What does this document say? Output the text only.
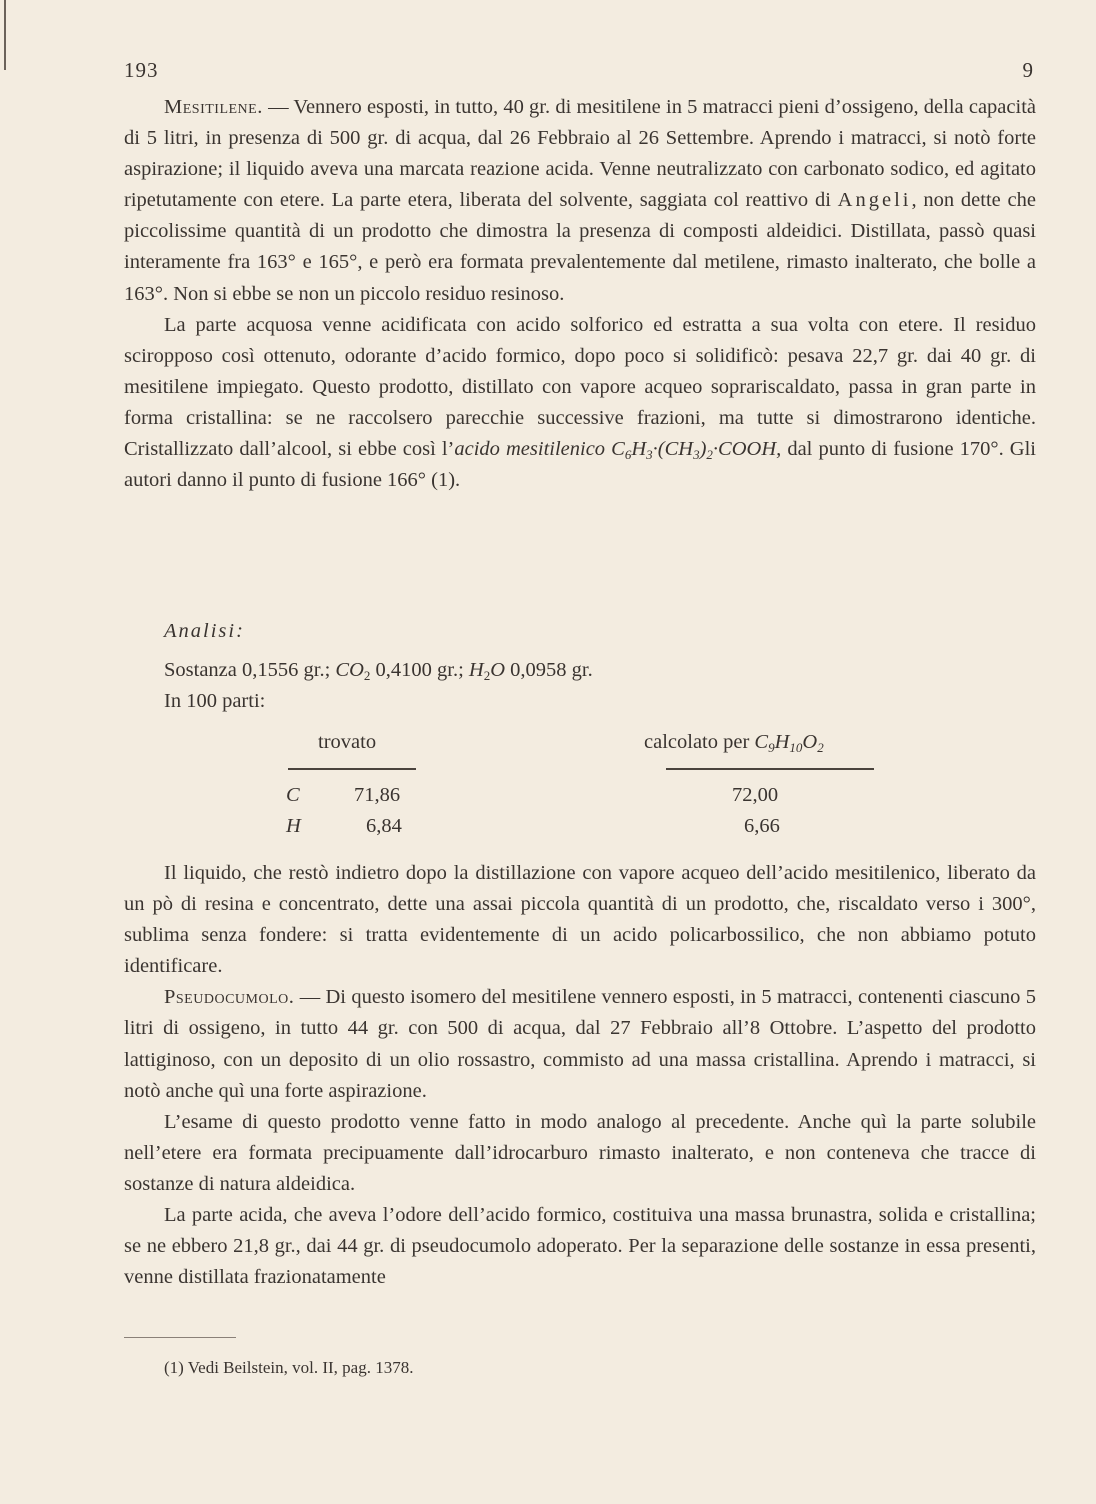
193	9

Mesitilene. — Vennero esposti, in tutto, 40 gr. di mesitilene in 5 matracci pieni d’ossigeno, della capacità di 5 litri, in presenza di 500 gr. di acqua, dal 26 Febbraio al 26 Settembre. Aprendo i matracci, si notò forte aspirazione; il liquido aveva una marcata reazione acida. Venne neutralizzato con carbonato sodico, ed agitato ripetutamente con etere. La parte etera, liberata del solvente, saggiata col reattivo di Angeli, non dette che piccolissime quantità di un prodotto che dimostra la presenza di composti aldeidici. Distillata, passò quasi interamente fra 163° e 165°, e però era formata prevalentemente dal metilene, rimasto inalterato, che bolle a 163°. Non si ebbe se non un piccolo residuo resinoso.

La parte acquosa venne acidificata con acido solforico ed estratta a sua volta con etere. Il residuo sciropposo così ottenuto, odorante d’acido formico, dopo poco si solidificò: pesava 22,7 gr. dai 40 gr. di mesitilene impiegato. Questo prodotto, distillato con vapore acqueo soprariscaldato, passa in gran parte in forma cristallina: se ne raccolsero parecchie successive frazioni, ma tutte si dimostrarono identiche. Cristallizzato dall’alcool, si ebbe così l’acido mesitilenico $C_6H_3\cdot(CH_3)_2\cdot COOH$, dal punto di fusione 170°. Gli autori danno il punto di fusione 166° (1).

Analisi:
Sostanza 0,1556 gr.; $CO_2$ 0,4100 gr.; $H_2O$ 0,0958 gr.
In 100 parti:
trovato	calcolato per $C_9H_{10}O_2$
C	71,86	72,00
H	6,84	6,66

Il liquido, che restò indietro dopo la distillazione con vapore acqueo dell’acido mesitilenico, liberato da un pò di resina e concentrato, dette una assai piccola quantità di un prodotto, che, riscaldato verso i 300°, sublima senza fondere: si tratta evidentemente di un acido policarbossilico, che non abbiamo potuto identificare.

Pseudocumolo. — Di questo isomero del mesitilene vennero esposti, in 5 matracci, contenenti ciascuno 5 litri di ossigeno, in tutto 44 gr. con 500 di acqua, dal 27 Febbraio all’8 Ottobre. L’aspetto del prodotto lattiginoso, con un deposito di un olio rossastro, commisto ad una massa cristallina. Aprendo i matracci, si notò anche quì una forte aspirazione.

L’esame di questo prodotto venne fatto in modo analogo al precedente. Anche quì la parte solubile nell’etere era formata precipuamente dall’idrocarburo rimasto inalterato, e non conteneva che tracce di sostanze di natura aldeidica.

La parte acida, che aveva l’odore dell’acido formico, costituiva una massa brunastra, solida e cristallina; se ne ebbero 21,8 gr., dai 44 gr. di pseudocumolo adoperato. Per la separazione delle sostanze in essa presenti, venne distillata frazionatamente

(1) Vedi Beilstein, vol. II, pag. 1378.
